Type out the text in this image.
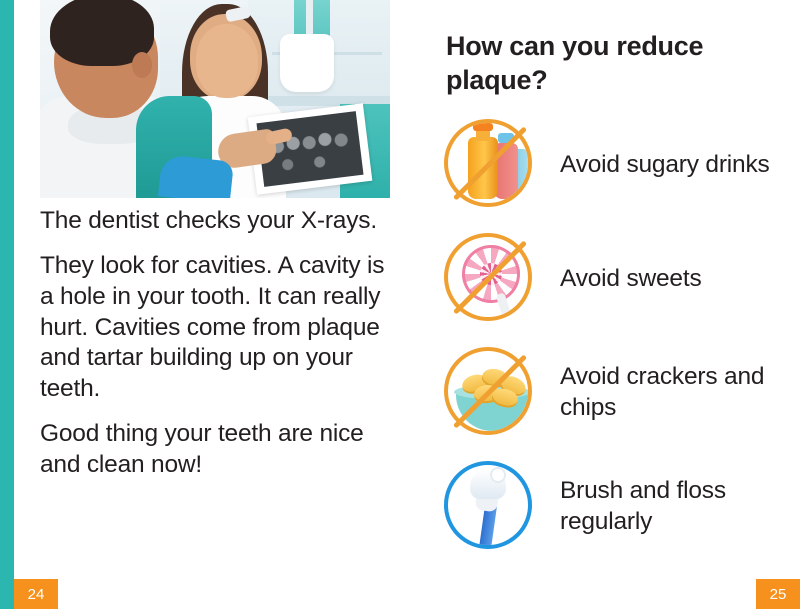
The dentist checks your X-rays.

They look for cavities. A cavity is a hole in your tooth. It can really hurt. Cavities come from plaque and tartar building up on your teeth.

Good thing your teeth are nice and clean now!

How can you reduce plaque?
Avoid sugary drinks
Avoid sweets
Avoid crackers and chips
Brush and floss regularly
24	25
